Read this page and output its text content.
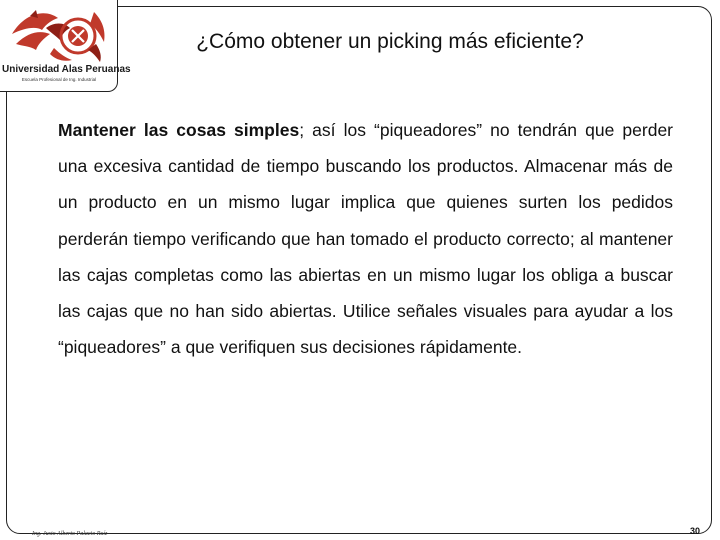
Universidad Alas Peruanas
Escuela Profesional de Ing. Industrial
¿Cómo obtener un picking más eficiente?

Mantener las cosas simples; así los “piqueadores” no tendrán que perder una excesiva cantidad de tiempo buscando los productos. Almacenar más de un producto en un mismo lugar implica que quienes surten los pedidos perderán tiempo verificando que han tomado el producto correcto; al mantener las cajas completas como las abiertas en un mismo lugar los obliga a buscar las cajas que no han sido abiertas. Utilice señales visuales para ayudar a los “piqueadores” a que verifiquen sus decisiones rápidamente.

Ing. Justo Alberto Palacio Ruíz	30
